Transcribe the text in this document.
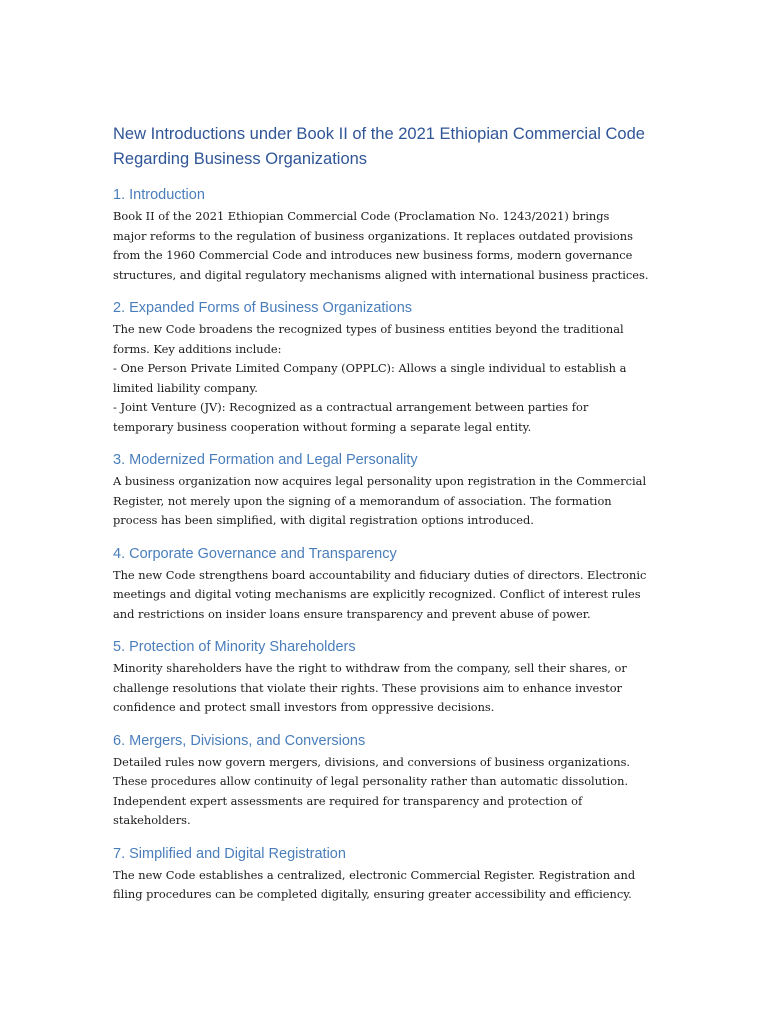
New Introductions under Book II of the 2021 Ethiopian Commercial Code
Regarding Business Organizations
1. Introduction

Book II of the 2021 Ethiopian Commercial Code (Proclamation No. 1243/2021) brings
major reforms to the regulation of business organizations. It replaces outdated provisions
from the 1960 Commercial Code and introduces new business forms, modern governance
structures, and digital regulatory mechanisms aligned with international business practices.

2. Expanded Forms of Business Organizations

The new Code broadens the recognized types of business entities beyond the traditional
forms. Key additions include:
- One Person Private Limited Company (OPPLC): Allows a single individual to establish a
limited liability company.
- Joint Venture (JV): Recognized as a contractual arrangement between parties for
temporary business cooperation without forming a separate legal entity.

3. Modernized Formation and Legal Personality

A business organization now acquires legal personality upon registration in the Commercial
Register, not merely upon the signing of a memorandum of association. The formation
process has been simplified, with digital registration options introduced.

4. Corporate Governance and Transparency

The new Code strengthens board accountability and fiduciary duties of directors. Electronic
meetings and digital voting mechanisms are explicitly recognized. Conflict of interest rules
and restrictions on insider loans ensure transparency and prevent abuse of power.

5. Protection of Minority Shareholders

Minority shareholders have the right to withdraw from the company, sell their shares, or
challenge resolutions that violate their rights. These provisions aim to enhance investor
confidence and protect small investors from oppressive decisions.

6. Mergers, Divisions, and Conversions

Detailed rules now govern mergers, divisions, and conversions of business organizations.
These procedures allow continuity of legal personality rather than automatic dissolution.
Independent expert assessments are required for transparency and protection of
stakeholders.

7. Simplified and Digital Registration

The new Code establishes a centralized, electronic Commercial Register. Registration and
filing procedures can be completed digitally, ensuring greater accessibility and efficiency.
